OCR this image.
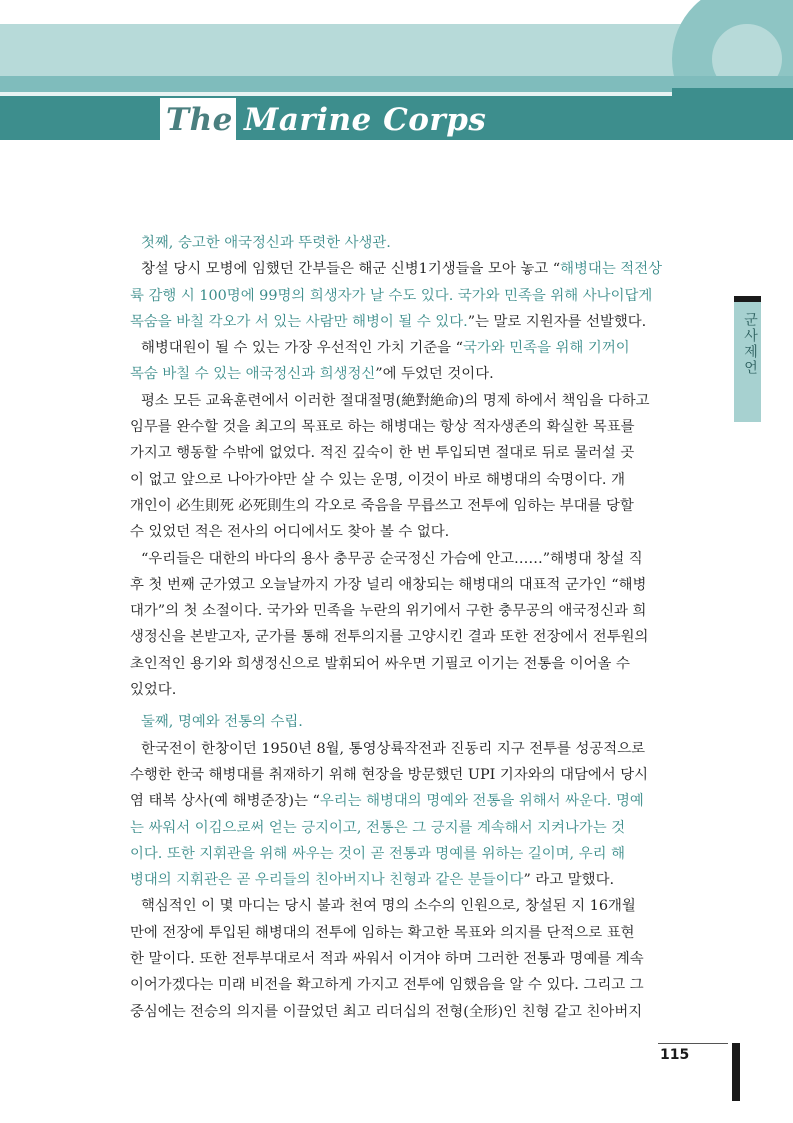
The Marine Corps
군사제언
첫째, 숭고한 애국정신과 뚜렷한 사생관.
창설 당시 모병에 임했던 간부들은 해군 신병1기생들을 모아 놓고 “해병대는 적전상
륙 감행 시 100명에 99명의 희생자가 날 수도 있다. 국가와 민족을 위해 사나이답게
목숨을 바칠 각오가 서 있는 사람만 해병이 될 수 있다.”는 말로 지원자를 선발했다.
해병대원이 될 수 있는 가장 우선적인 가치 기준을 “국가와 민족을 위해 기꺼이
목숨 바칠 수 있는 애국정신과 희생정신”에 두었던 것이다.
평소 모든 교육훈련에서 이러한 절대절명(絶對絶命)의 명제 하에서 책임을 다하고
임무를 완수할 것을 최고의 목표로 하는 해병대는 항상 적자생존의 확실한 목표를
가지고 행동할 수밖에 없었다. 적진 깊숙이 한 번 투입되면 절대로 뒤로 물러설 곳
이 없고 앞으로 나아가야만 살 수 있는 운명, 이것이 바로 해병대의 숙명이다. 개
개인이 必生則死 必死則生의 각오로 죽음을 무릅쓰고 전투에 임하는 부대를 당할
수 있었던 적은 전사의 어디에서도 찾아 볼 수 없다.
“우리들은 대한의 바다의 용사 충무공 순국정신 가슴에 안고……”해병대 창설 직
후 첫 번째 군가였고 오늘날까지 가장 널리 애창되는 해병대의 대표적 군가인 “해병
대가”의 첫 소절이다. 국가와 민족을 누란의 위기에서 구한 충무공의 애국정신과 희
생정신을 본받고자, 군가를 통해 전투의지를 고양시킨 결과 또한 전장에서 전투원의
초인적인 용기와 희생정신으로 발휘되어 싸우면 기필코 이기는 전통을 이어올 수
있었다.
둘째, 명예와 전통의 수립.
한국전이 한창이던 1950년 8월, 통영상륙작전과 진동리 지구 전투를 성공적으로
수행한 한국 해병대를 취재하기 위해 현장을 방문했던 UPI 기자와의 대담에서 당시
염 태복 상사(예 해병준장)는 “우리는 해병대의 명예와 전통을 위해서 싸운다. 명예
는 싸워서 이김으로써 얻는 긍지이고, 전통은 그 긍지를 계속해서 지켜나가는 것
이다. 또한 지휘관을 위해 싸우는 것이 곧 전통과 명예를 위하는 길이며, 우리 해
병대의 지휘관은 곧 우리들의 친아버지나 친형과 같은 분들이다” 라고 말했다.
핵심적인 이 몇 마디는 당시 불과 천여 명의 소수의 인원으로, 창설된 지 16개월
만에 전장에 투입된 해병대의 전투에 임하는 확고한 목표와 의지를 단적으로 표현
한 말이다. 또한 전투부대로서 적과 싸워서 이겨야 하며 그러한 전통과 명예를 계속
이어가겠다는 미래 비전을 확고하게 가지고 전투에 임했음을 알 수 있다. 그리고 그
중심에는 전승의 의지를 이끌었던 최고 리더십의 전형(全形)인 친형 같고 친아버지
115
